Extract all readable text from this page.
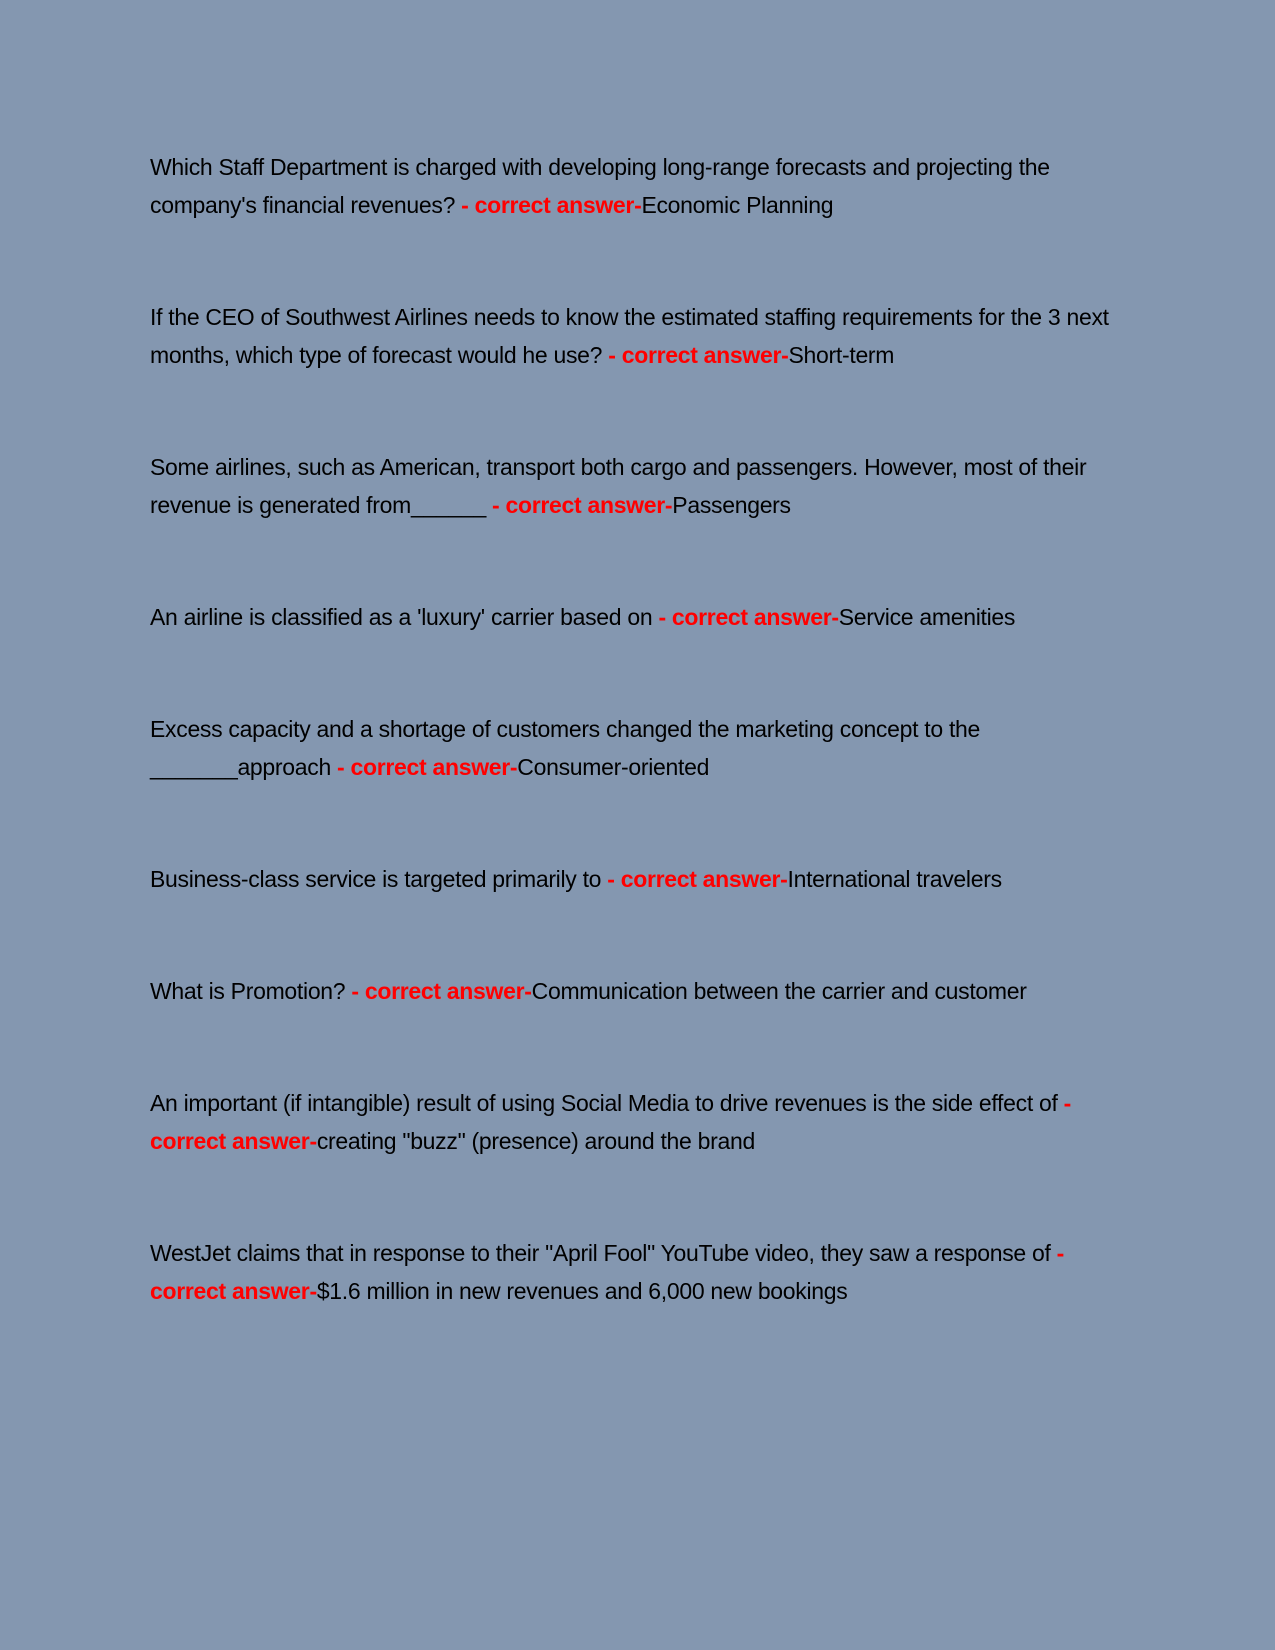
Which Staff Department is charged with developing long-range forecasts and projecting the company's financial revenues? - correct answer-Economic Planning

If the CEO of Southwest Airlines needs to know the estimated staffing requirements for the 3 next months, which type of forecast would he use? - correct answer-Short-term

Some airlines, such as American, transport both cargo and passengers. However, most of their revenue is generated from______ - correct answer-Passengers

An airline is classified as a 'luxury' carrier based on - correct answer-Service amenities

Excess capacity and a shortage of customers changed the marketing concept to the _______approach - correct answer-Consumer-oriented

Business-class service is targeted primarily to - correct answer-International travelers

What is Promotion? - correct answer-Communication between the carrier and customer

An important (if intangible) result of using Social Media to drive revenues is the side effect of - correct answer-creating "buzz" (presence) around the brand

WestJet claims that in response to their "April Fool" YouTube video, they saw a response of - correct answer-$1.6 million in new revenues and 6,000 new bookings
